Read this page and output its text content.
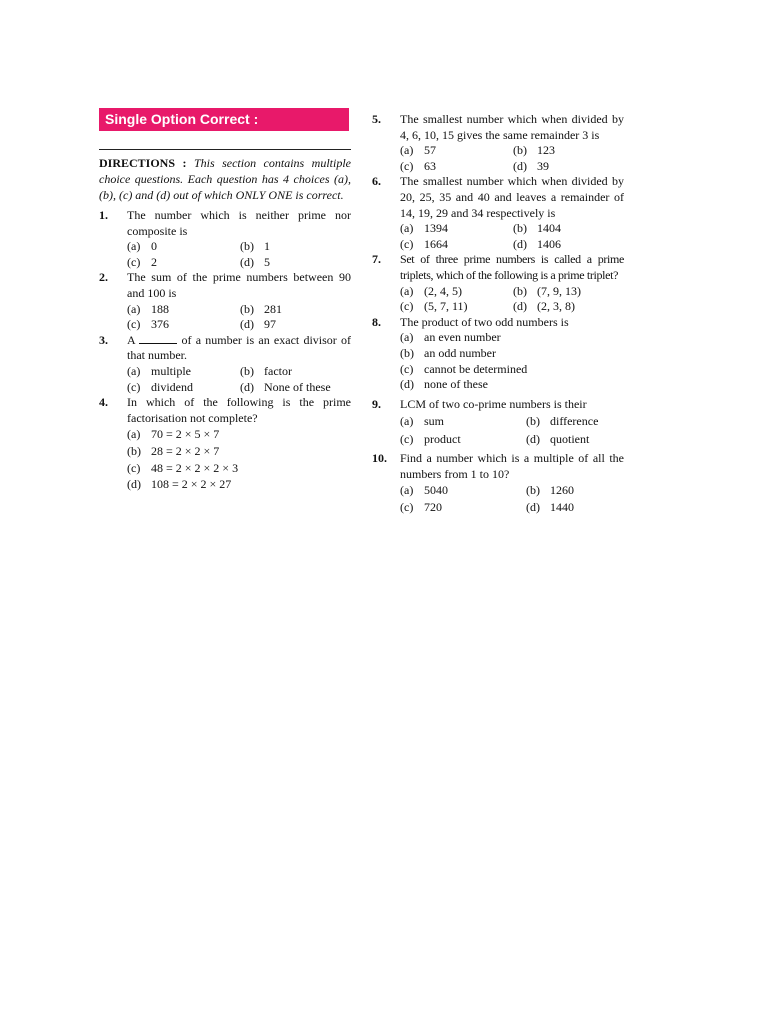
Single Option Correct :
DIRECTIONS : This section contains multiple choice questions. Each question has 4 choices (a), (b), (c) and (d) out of which ONLY ONE is correct.
1.	The number which is neither prime nor composite is
(a) 0	(b) 1
(c) 2	(d) 5
2.	The sum of the prime numbers between 90 and 100 is
(a) 188	(b) 281
(c) 376	(d) 97
3.	A	of a number is an exact divisor of that number.
(a) multiple	(b) factor
(c) dividend	(d) None of these
4.	In which of the following is the prime factorisation not complete?
(a) 70 = 2 × 5 × 7
(b) 28 = 2 × 2 × 7
(c) 48 = 2 × 2 × 2 × 3
(d) 108 = 2 × 2 × 27
5.	The smallest number which when divided by 4, 6, 10, 15 gives the same remainder 3 is
(a) 57	(b) 123
(c) 63	(d) 39
6.	The smallest number which when divided by 20, 25, 35 and 40 and leaves a remainder of 14, 19, 29 and 34 respectively is
(a) 1394	(b) 1404
(c) 1664	(d) 1406
7.	Set of three prime numbers is called a prime triplets, which of the following is a prime triplet?
(a) (2, 4, 5)	(b) (7, 9, 13)
(c) (5, 7, 11)	(d) (2, 3, 8)
8.	The product of two odd numbers is
(a) an even number
(b) an odd number
(c) cannot be determined
(d) none of these
9.	LCM of two co-prime numbers is their
(a) sum	(b) difference
(c) product	(d) quotient
10.	Find a number which is a multiple of all the numbers from 1 to 10?
(a) 5040	(b) 1260
(c) 720	(d) 1440
